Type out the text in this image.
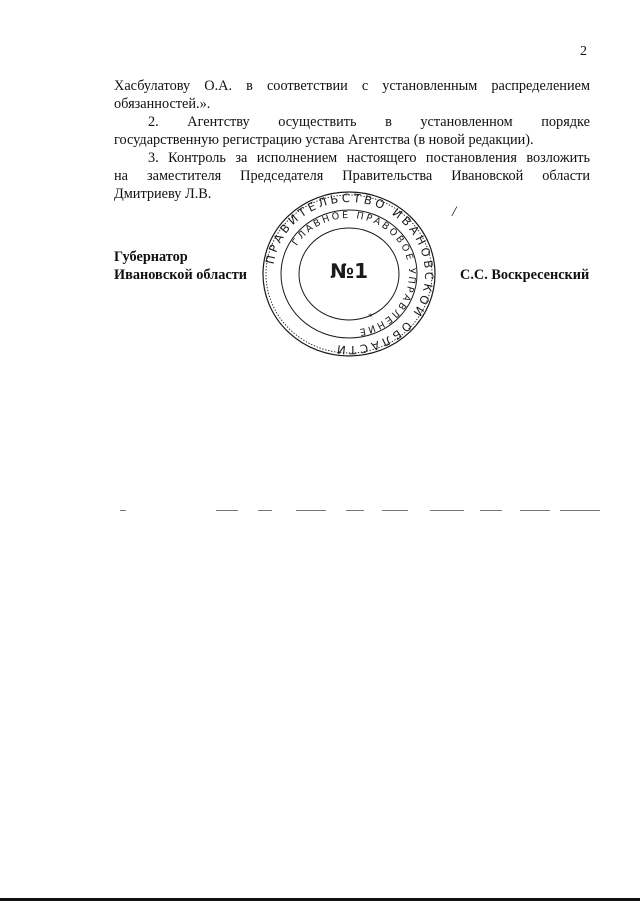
2

Хасбулатову О.А. в соответствии с установленным распределением

обязанностей.».

2. Агентству осуществить в установленном порядке

государственную регистрацию устава Агентства (в новой редакции).

3. Контроль за исполнением настоящего постановления возложить

на заместителя Председателя Правительства Ивановской области

Дмитриеву Л.В.

Губернатор
Ивановской области
/
С.С. Воскресенский
ПРАВИТЕЛЬСТВО ИВАНОВСКОЙ ОБЛАСТИ
ГЛАВНОЕ ПРАВОВОЕ УПРАВЛЕНИЕ
№1
*
